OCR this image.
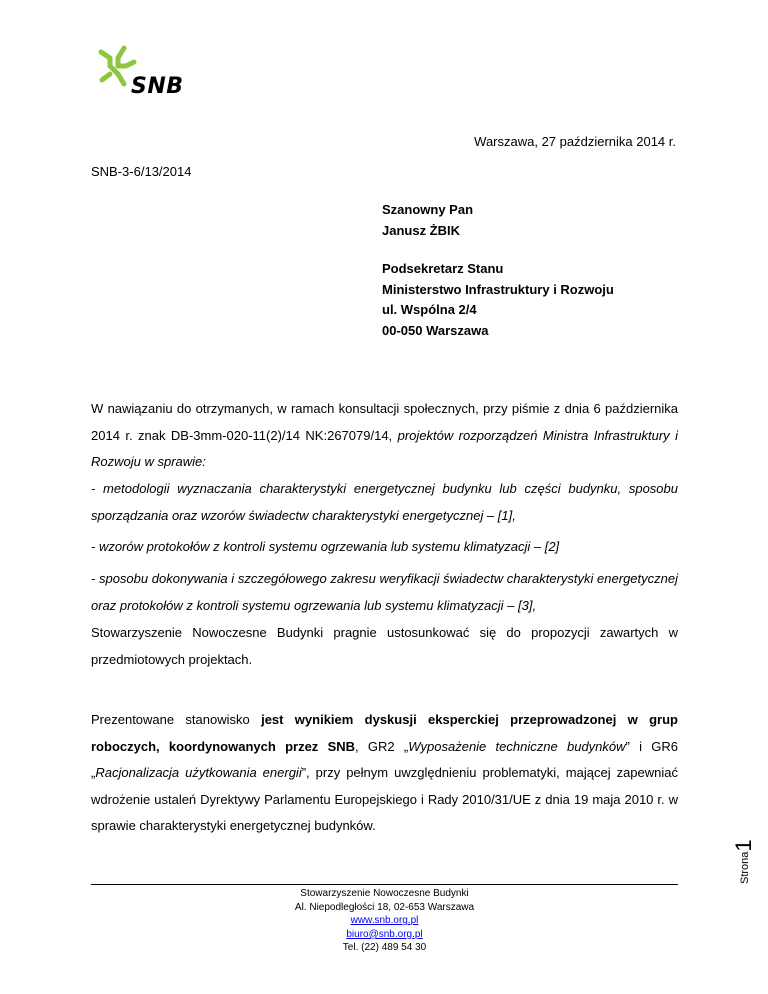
SNB
Warszawa, 27 października 2014 r.
SNB-3-6/13/2014
Szanowny Pan
Janusz ŻBIK
Podsekretarz Stanu
Ministerstwo Infrastruktury i Rozwoju
ul. Wspólna 2/4
00-050 Warszawa
W nawiązaniu do otrzymanych, w ramach konsultacji społecznych, przy piśmie z dnia 6 października 2014 r. znak DB-3mm-020-11(2)/14 NK:267079/14, projektów rozporządzeń Ministra Infrastruktury i Rozwoju w sprawie:
- metodologii wyznaczania charakterystyki energetycznej budynku lub części budynku, sposobu sporządzania oraz wzorów świadectw charakterystyki energetycznej – [1],
- wzorów protokołów z kontroli systemu ogrzewania lub systemu klimatyzacji – [2]
- sposobu dokonywania i szczegółowego zakresu weryfikacji świadectw charakterystyki energetycznej oraz protokołów z kontroli systemu ogrzewania lub systemu klimatyzacji – [3],
Stowarzyszenie Nowoczesne Budynki pragnie ustosunkować się do propozycji zawartych w przedmiotowych projektach.
Prezentowane stanowisko jest wynikiem dyskusji eksperckiej przeprowadzonej w grup roboczych, koordynowanych przez SNB, GR2 „Wyposażenie techniczne budynków” i GR6 „Racjonalizacja użytkowania energii”, przy pełnym uwzględnieniu problematyki, mającej zapewniać wdrożenie ustaleń Dyrektywy Parlamentu Europejskiego i Rady 2010/31/UE z dnia 19 maja 2010 r. w sprawie charakterystyki energetycznej budynków.
Strona1
Stowarzyszenie Nowoczesne Budynki
Al. Niepodległości 18, 02-653 Warszawa
www.snb.org.pl
biuro@snb.org.pl
Tel. (22) 489 54 30
